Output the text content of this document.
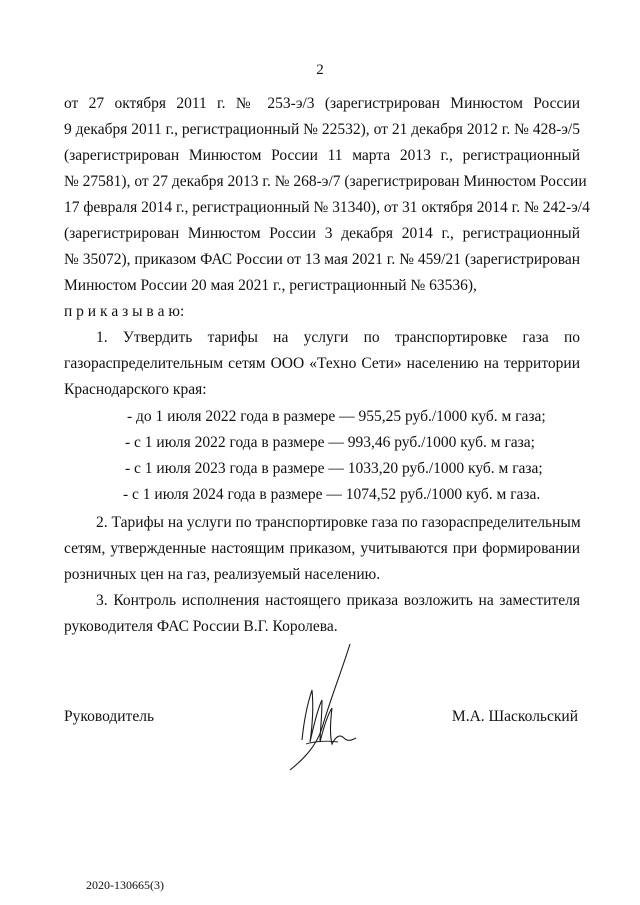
2
от 27 октября 2011 г. № 253-э/3 (зарегистрирован Минюстом России
9 декабря 2011 г., регистрационный № 22532), от 21 декабря 2012 г. № 428-э/5
(зарегистрирован Минюстом России 11 марта 2013 г., регистрационный
№ 27581), от 27 декабря 2013 г. № 268-э/7 (зарегистрирован Минюстом России
17 февраля 2014 г., регистрационный № 31340), от 31 октября 2014 г. № 242-э/4
(зарегистрирован Минюстом России 3 декабря 2014 г., регистрационный
№ 35072), приказом ФАС России от 13 мая 2021 г. № 459/21 (зарегистрирован
Минюстом России 20 мая 2021 г., регистрационный № 63536),
п р и к а з ы в а ю:
1. Утвердить тарифы на услуги по транспортировке газа по
газораспределительным сетям ООО «Техно Сети» населению на территории
Краснодарского края:
- до 1 июля 2022 года в размере — 955,25 руб./1000 куб. м газа;
- с 1 июля 2022 года в размере — 993,46 руб./1000 куб. м газа;
- с 1 июля 2023 года в размере — 1033,20 руб./1000 куб. м газа;
- с 1 июля 2024 года в размере — 1074,52 руб./1000 куб. м газа.
2. Тарифы на услуги по транспортировке газа по газораспределительным
сетям, утвержденные настоящим приказом, учитываются при формировании
розничных цен на газ, реализуемый населению.
3. Контроль исполнения настоящего приказа возложить на заместителя
руководителя ФАС России В.Г. Королева.
Руководитель	М.А. Шаскольский
2020-130665(3)
